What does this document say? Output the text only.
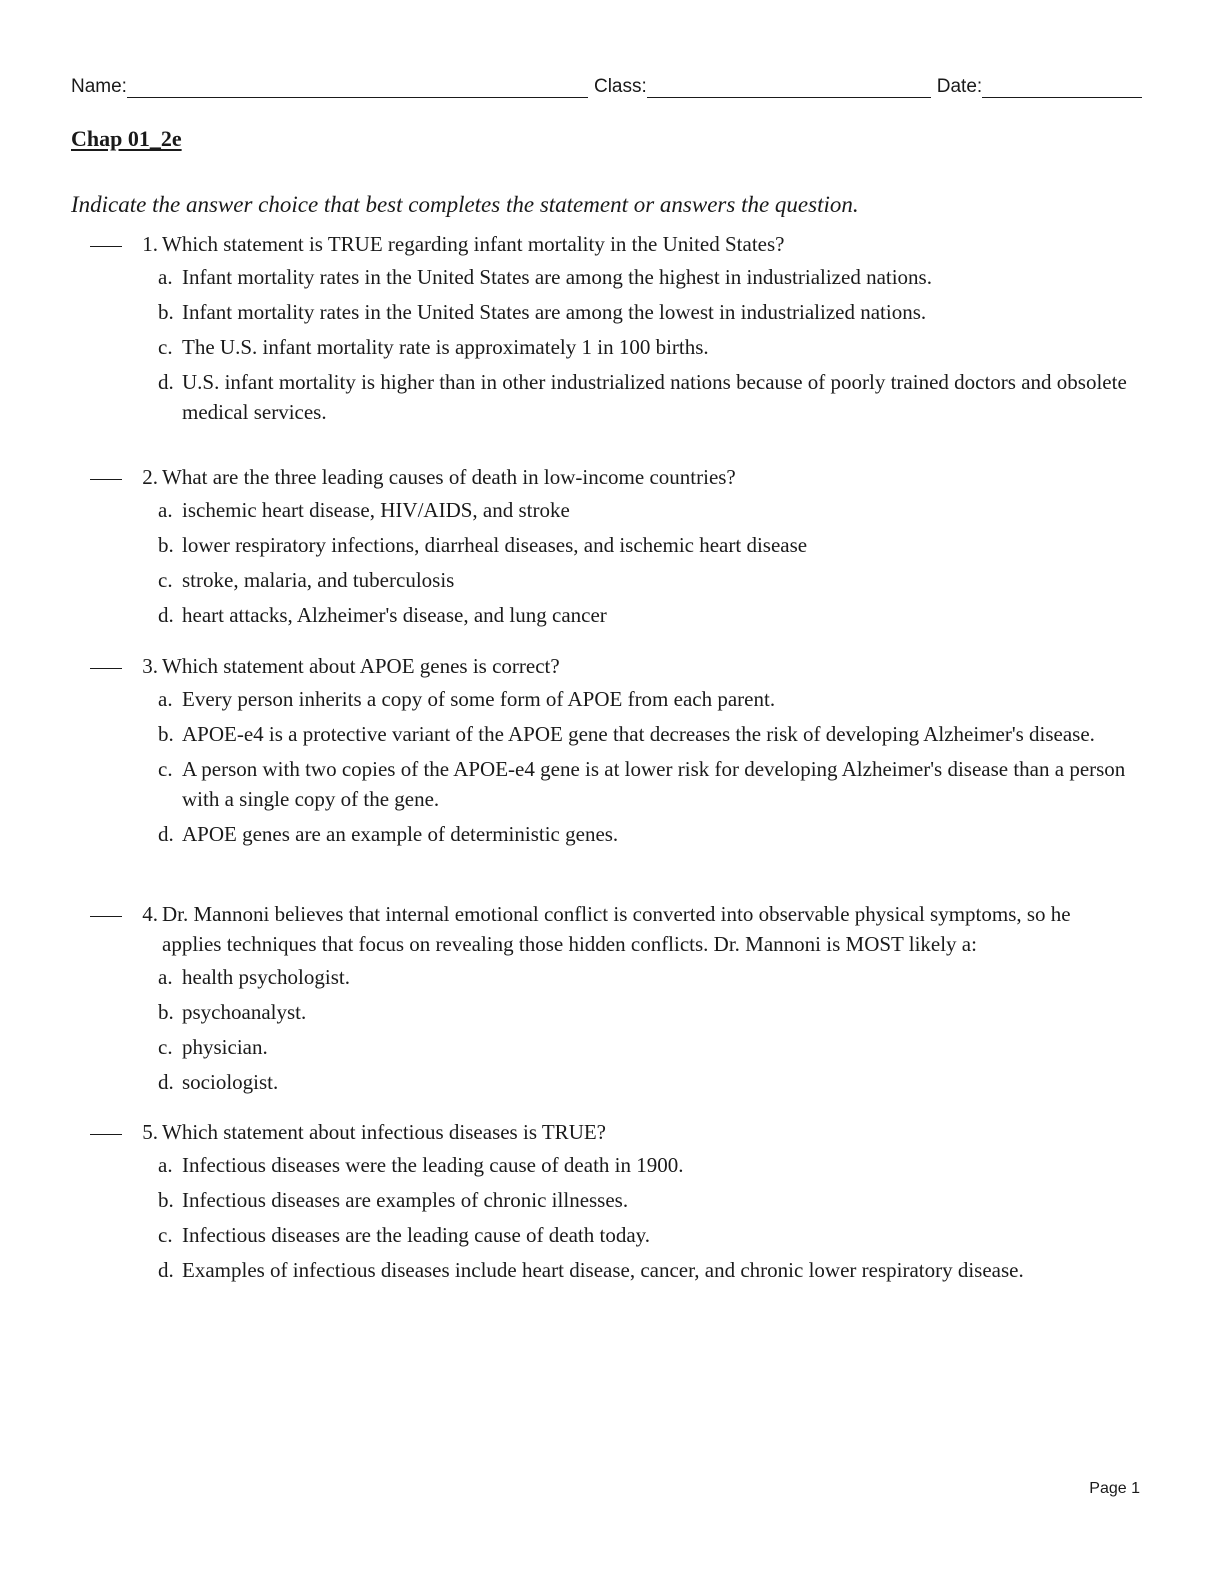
Name:	Class:	Date:
Chap 01_2e

Indicate the answer choice that best completes the statement or answers the question.

1. Which statement is TRUE regarding infant mortality in the United States?
a. Infant mortality rates in the United States are among the highest in industrialized nations.
b. Infant mortality rates in the United States are among the lowest in industrialized nations.
c. The U.S. infant mortality rate is approximately 1 in 100 births.
d. U.S. infant mortality is higher than in other industrialized nations because of poorly trained doctors and obsolete medical services.
2. What are the three leading causes of death in low-income countries?
a. ischemic heart disease, HIV/AIDS, and stroke
b. lower respiratory infections, diarrheal diseases, and ischemic heart disease
c. stroke, malaria, and tuberculosis
d. heart attacks, Alzheimer's disease, and lung cancer
3. Which statement about APOE genes is correct?
a. Every person inherits a copy of some form of APOE from each parent.
b. APOE-e4 is a protective variant of the APOE gene that decreases the risk of developing Alzheimer's disease.
c. A person with two copies of the APOE-e4 gene is at lower risk for developing Alzheimer's disease than a person with a single copy of the gene.
d. APOE genes are an example of deterministic genes.
4. Dr. Mannoni believes that internal emotional conflict is converted into observable physical symptoms, so he applies techniques that focus on revealing those hidden conflicts. Dr. Mannoni is MOST likely a:
a. health psychologist.
b. psychoanalyst.
c. physician.
d. sociologist.
5. Which statement about infectious diseases is TRUE?
a. Infectious diseases were the leading cause of death in 1900.
b. Infectious diseases are examples of chronic illnesses.
c. Infectious diseases are the leading cause of death today.
d. Examples of infectious diseases include heart disease, cancer, and chronic lower respiratory disease.
Page 1
